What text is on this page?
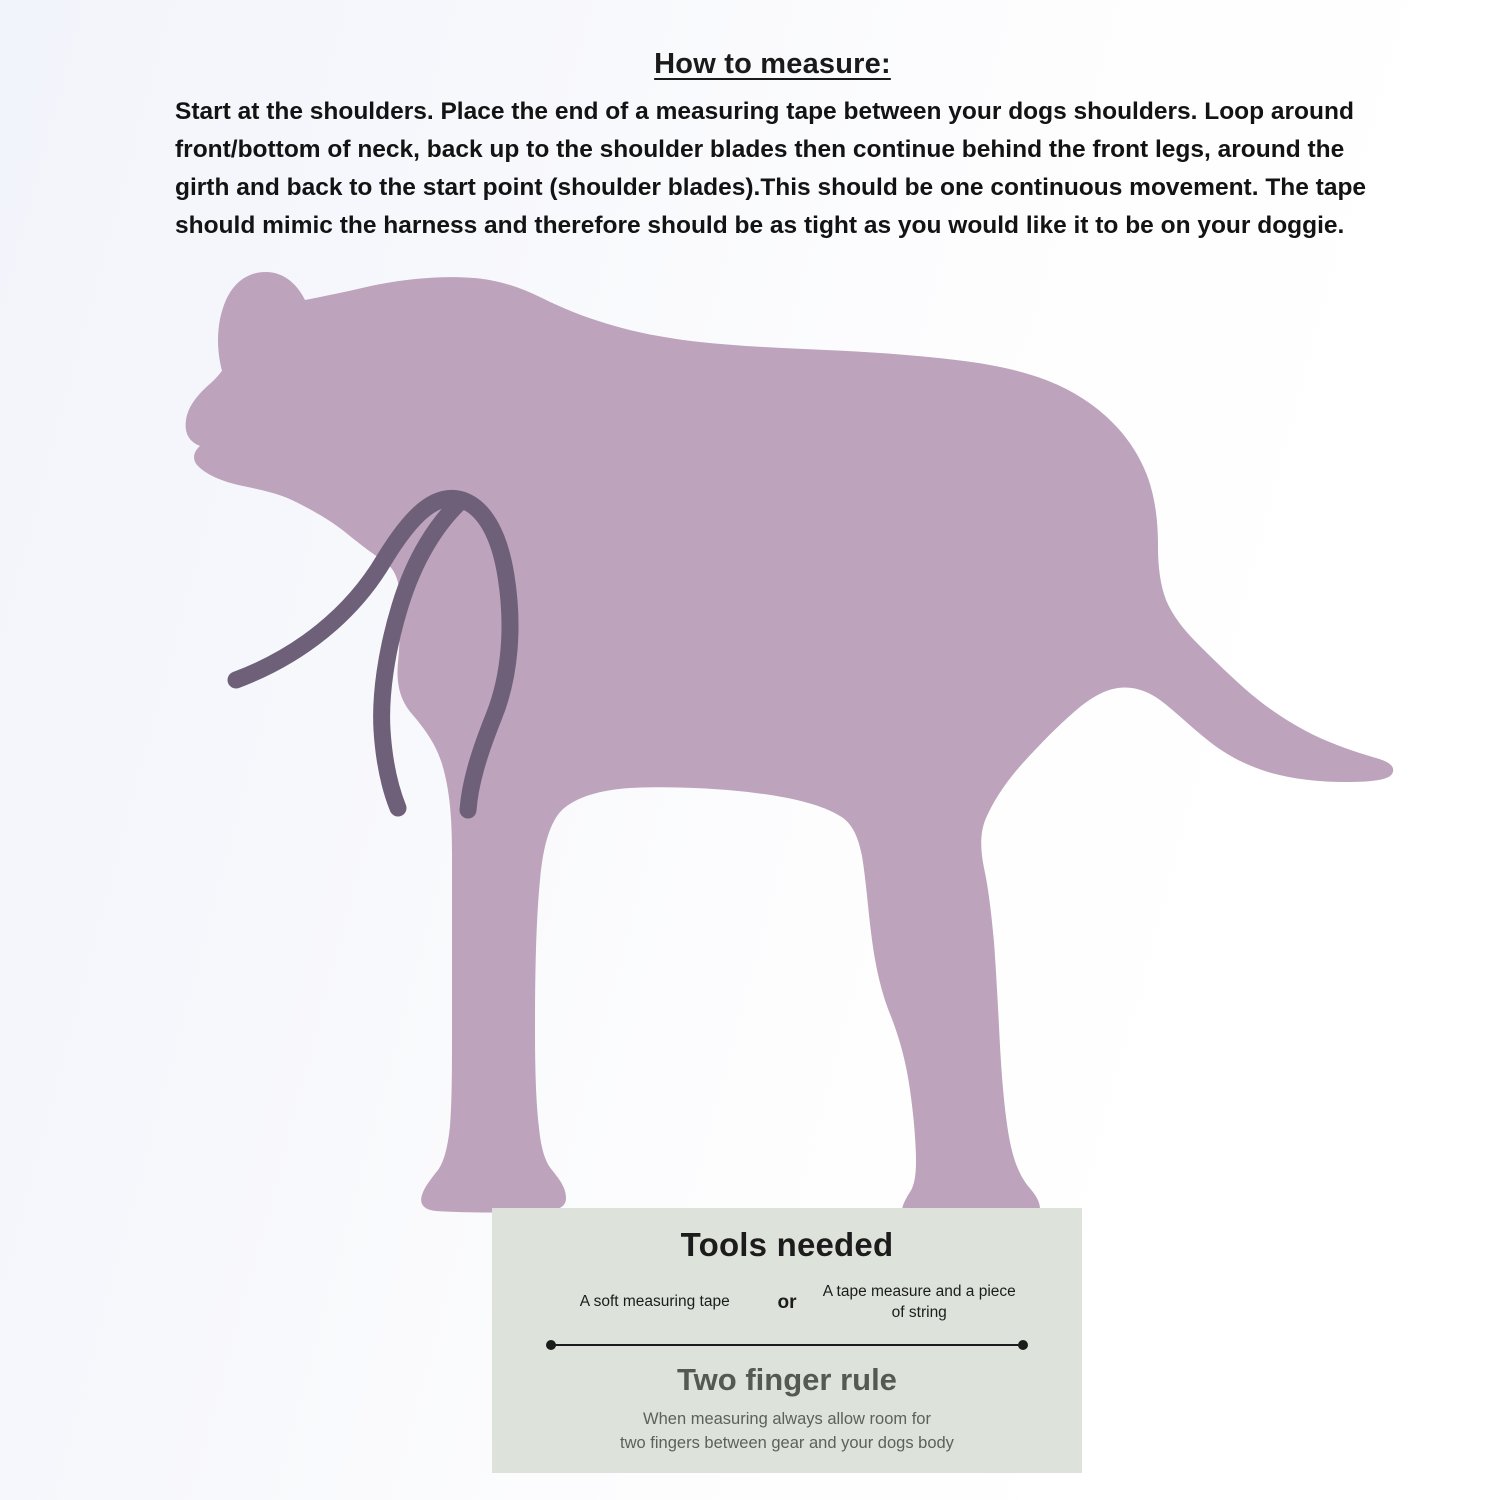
How to measure:

Start at the shoulders. Place the end of a measuring tape between your dogs shoulders. Loop around front/bottom of neck, back up to the shoulder blades then continue behind the front legs, around the girth and back to the start point (shoulder blades).This should be one continuous movement. The tape should mimic the harness and therefore should be as tight as you would like it to be on your doggie.

Tools needed
A soft measuring tape	or
A tape measure and a piece of string
Two finger rule

When measuring always allow room for
two fingers between gear and your dogs body
